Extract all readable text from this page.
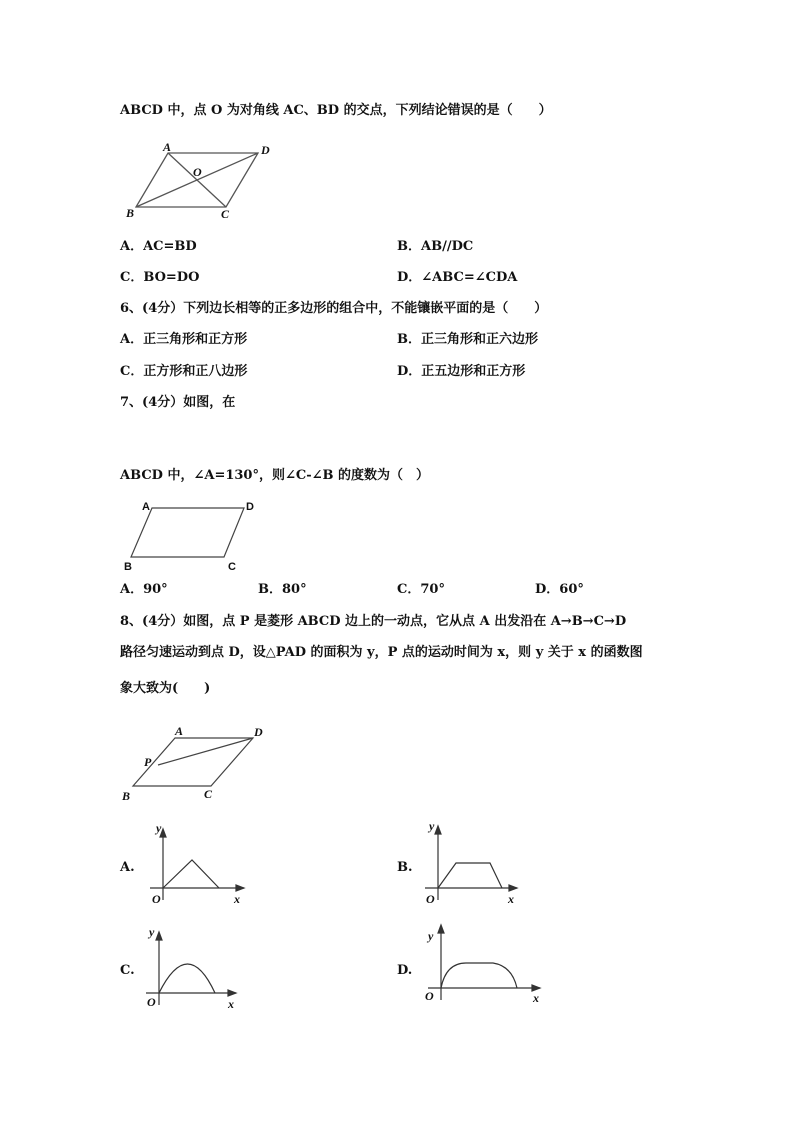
ABCD 中，点 O 为对角线 AC、BD 的交点，下列结论错误的是（　　）
A	D
O
B	C
A．AC=BD	B．AB//DC
C．BO=DO	D．∠ABC=∠CDA
6、(4分）下列边长相等的正多边形的组合中，不能镶嵌平面的是（　　）
A．正三角形和正方形	B．正三角形和正六边形
C．正方形和正八边形	D．正五边形和正方形
7、(4分）如图，在
ABCD 中，∠A=130°，则∠C-∠B 的度数为（　）
A	D
B	C
A．90°	B．80°	C．70°	D．60°
8、(4分）如图，点 P 是菱形 ABCD 边上的一动点，它从点 A 出发沿在 A→B→C→D
路径匀速运动到点 D，设△PAD 的面积为 y，P 点的运动时间为 x，则 y 关于 x 的函数图
象大致为(　　)
A	D
P
B	C
A.
y
O	x
B.
y
O	x
C.
y
O	x
D.
y
O	x
